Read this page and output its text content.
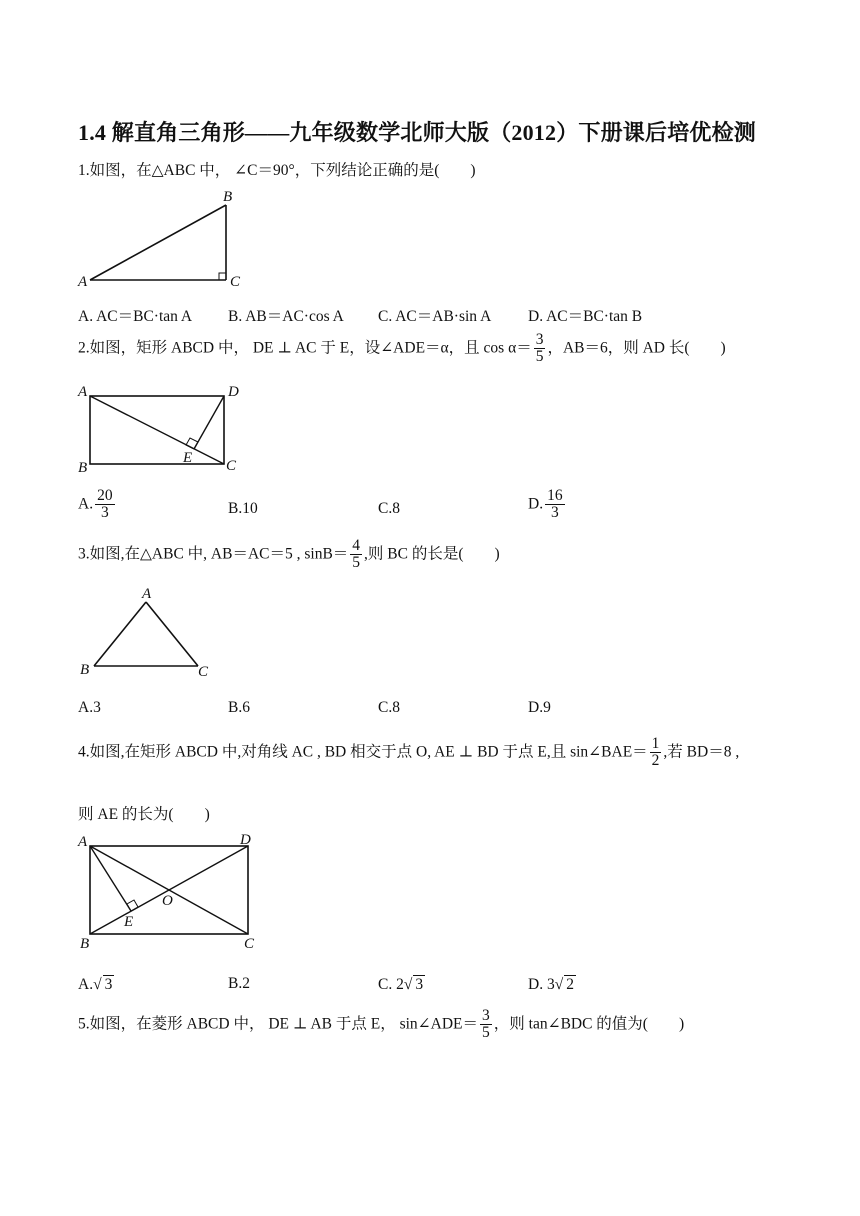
1.4 解直角三角形——九年级数学北师大版（2012）下册课后培优检测
1.如图，在△ABC 中， ∠C＝90°，下列结论正确的是(　　)
A
B
C
A. AC＝BC·tan A B. AB＝AC·cos A C. AC＝AB·sin A D. AC＝BC·tan B
2.如图，矩形 ABCD 中， DE ⊥ AC 于 E，设∠ADE＝α，且 $\cos \alpha= \frac{3}{5}$ ，AB＝6，则 AD 长(　　)
A	D
B	C
E
A. $\frac{20}{3}$	B.10	C.8	D. $\frac{16}{3}$
3.如图,在△ABC 中, AB＝AC＝5 , $\sin B= \frac{4}{5}$ ,则 BC 的长是(　　)
A
B	C
A.3	B.6	C.8	D.9
4.如图,在矩形 ABCD 中,对角线 AC , BD 相交于点 O, AE ⊥ BD 于点 E,且 sin∠BAE＝ $\frac{1}{2}$ ,若 BD＝8 ,
则 AE 的长为(　　)
A	D
B	C
E
O
A.√ 3	B.2	C. 2√ 3	D. 3√ 2
5.如图，在菱形 ABCD 中， DE ⊥ AB 于点 E， sin∠ADE＝ $\frac{3}{5}$ ，则 tan∠BDC 的值为(　　)
